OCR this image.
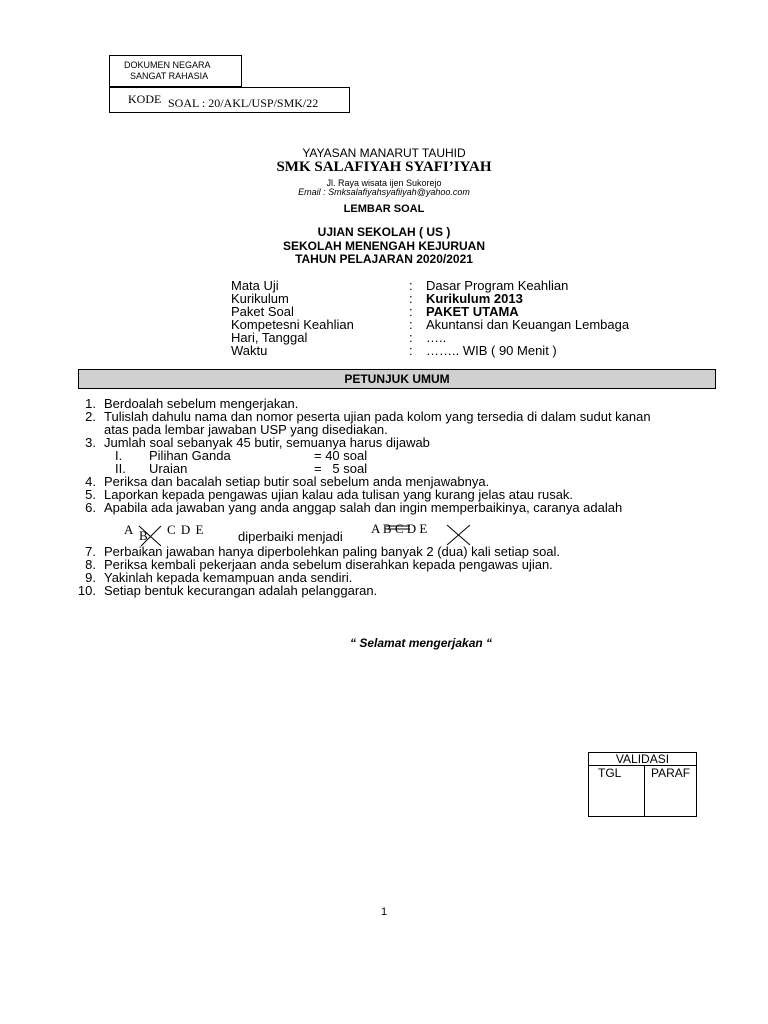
DOKUMEN NEGARA
SANGAT RAHASIA
KODE SOAL : 20/AKL/USP/SMK/22
YAYASAN MANARUT TAUHID
SMK SALAFIYAH SYAFI’IYAH
Jl. Raya wisata ijen Sukorejo
Email : Smksalafiyahsyafiiyah@yahoo.com
LEMBAR SOAL
UJIAN SEKOLAH ( US )
SEKOLAH MENENGAH KEJURUAN
TAHUN PELAJARAN 2020/2021
Mata Uji	: Dasar Program Keahlian
Kurikulum	: Kurikulum 2013
Paket Soal	: PAKET UTAMA
Kompetesni Keahlian	: Akuntansi dan Keuangan Lembaga
Hari, Tanggal	: …..
Waktu	: …….. WIB ( 90 Menit )
PETUNJUK UMUM
1. Berdoalah sebelum mengerjakan.
2. Tulislah dahulu nama dan nomor peserta ujian pada kolom yang tersedia di dalam sudut kanan
atas pada lembar jawaban USP yang disediakan.
3. Jumlah soal sebanyak 45 butir, semuanya harus dijawab
I. Pilihan Ganda	= 40 soal
II. Uraian	=   5 soal
4. Periksa dan bacalah setiap butir soal sebelum anda menjawabnya.
5. Laporkan kepada pengawas ujian kalau ada tulisan yang kurang jelas atau rusak.
6. Apabila ada jawaban yang anda anggap salah dan ingin memperbaikinya, caranya adalah
A B C D E	diperbaiki menjadi
A B C D E
7. Perbaikan jawaban hanya diperbolehkan paling banyak 2 (dua) kali setiap soal.
8. Periksa kembali pekerjaan anda sebelum diserahkan kepada pengawas ujian.
9. Yakinlah kepada kemampuan anda sendiri.
10. Setiap bentuk kecurangan adalah pelanggaran.
“ Selamat mengerjakan “
VALIDASI
TGL	PARAF
1
